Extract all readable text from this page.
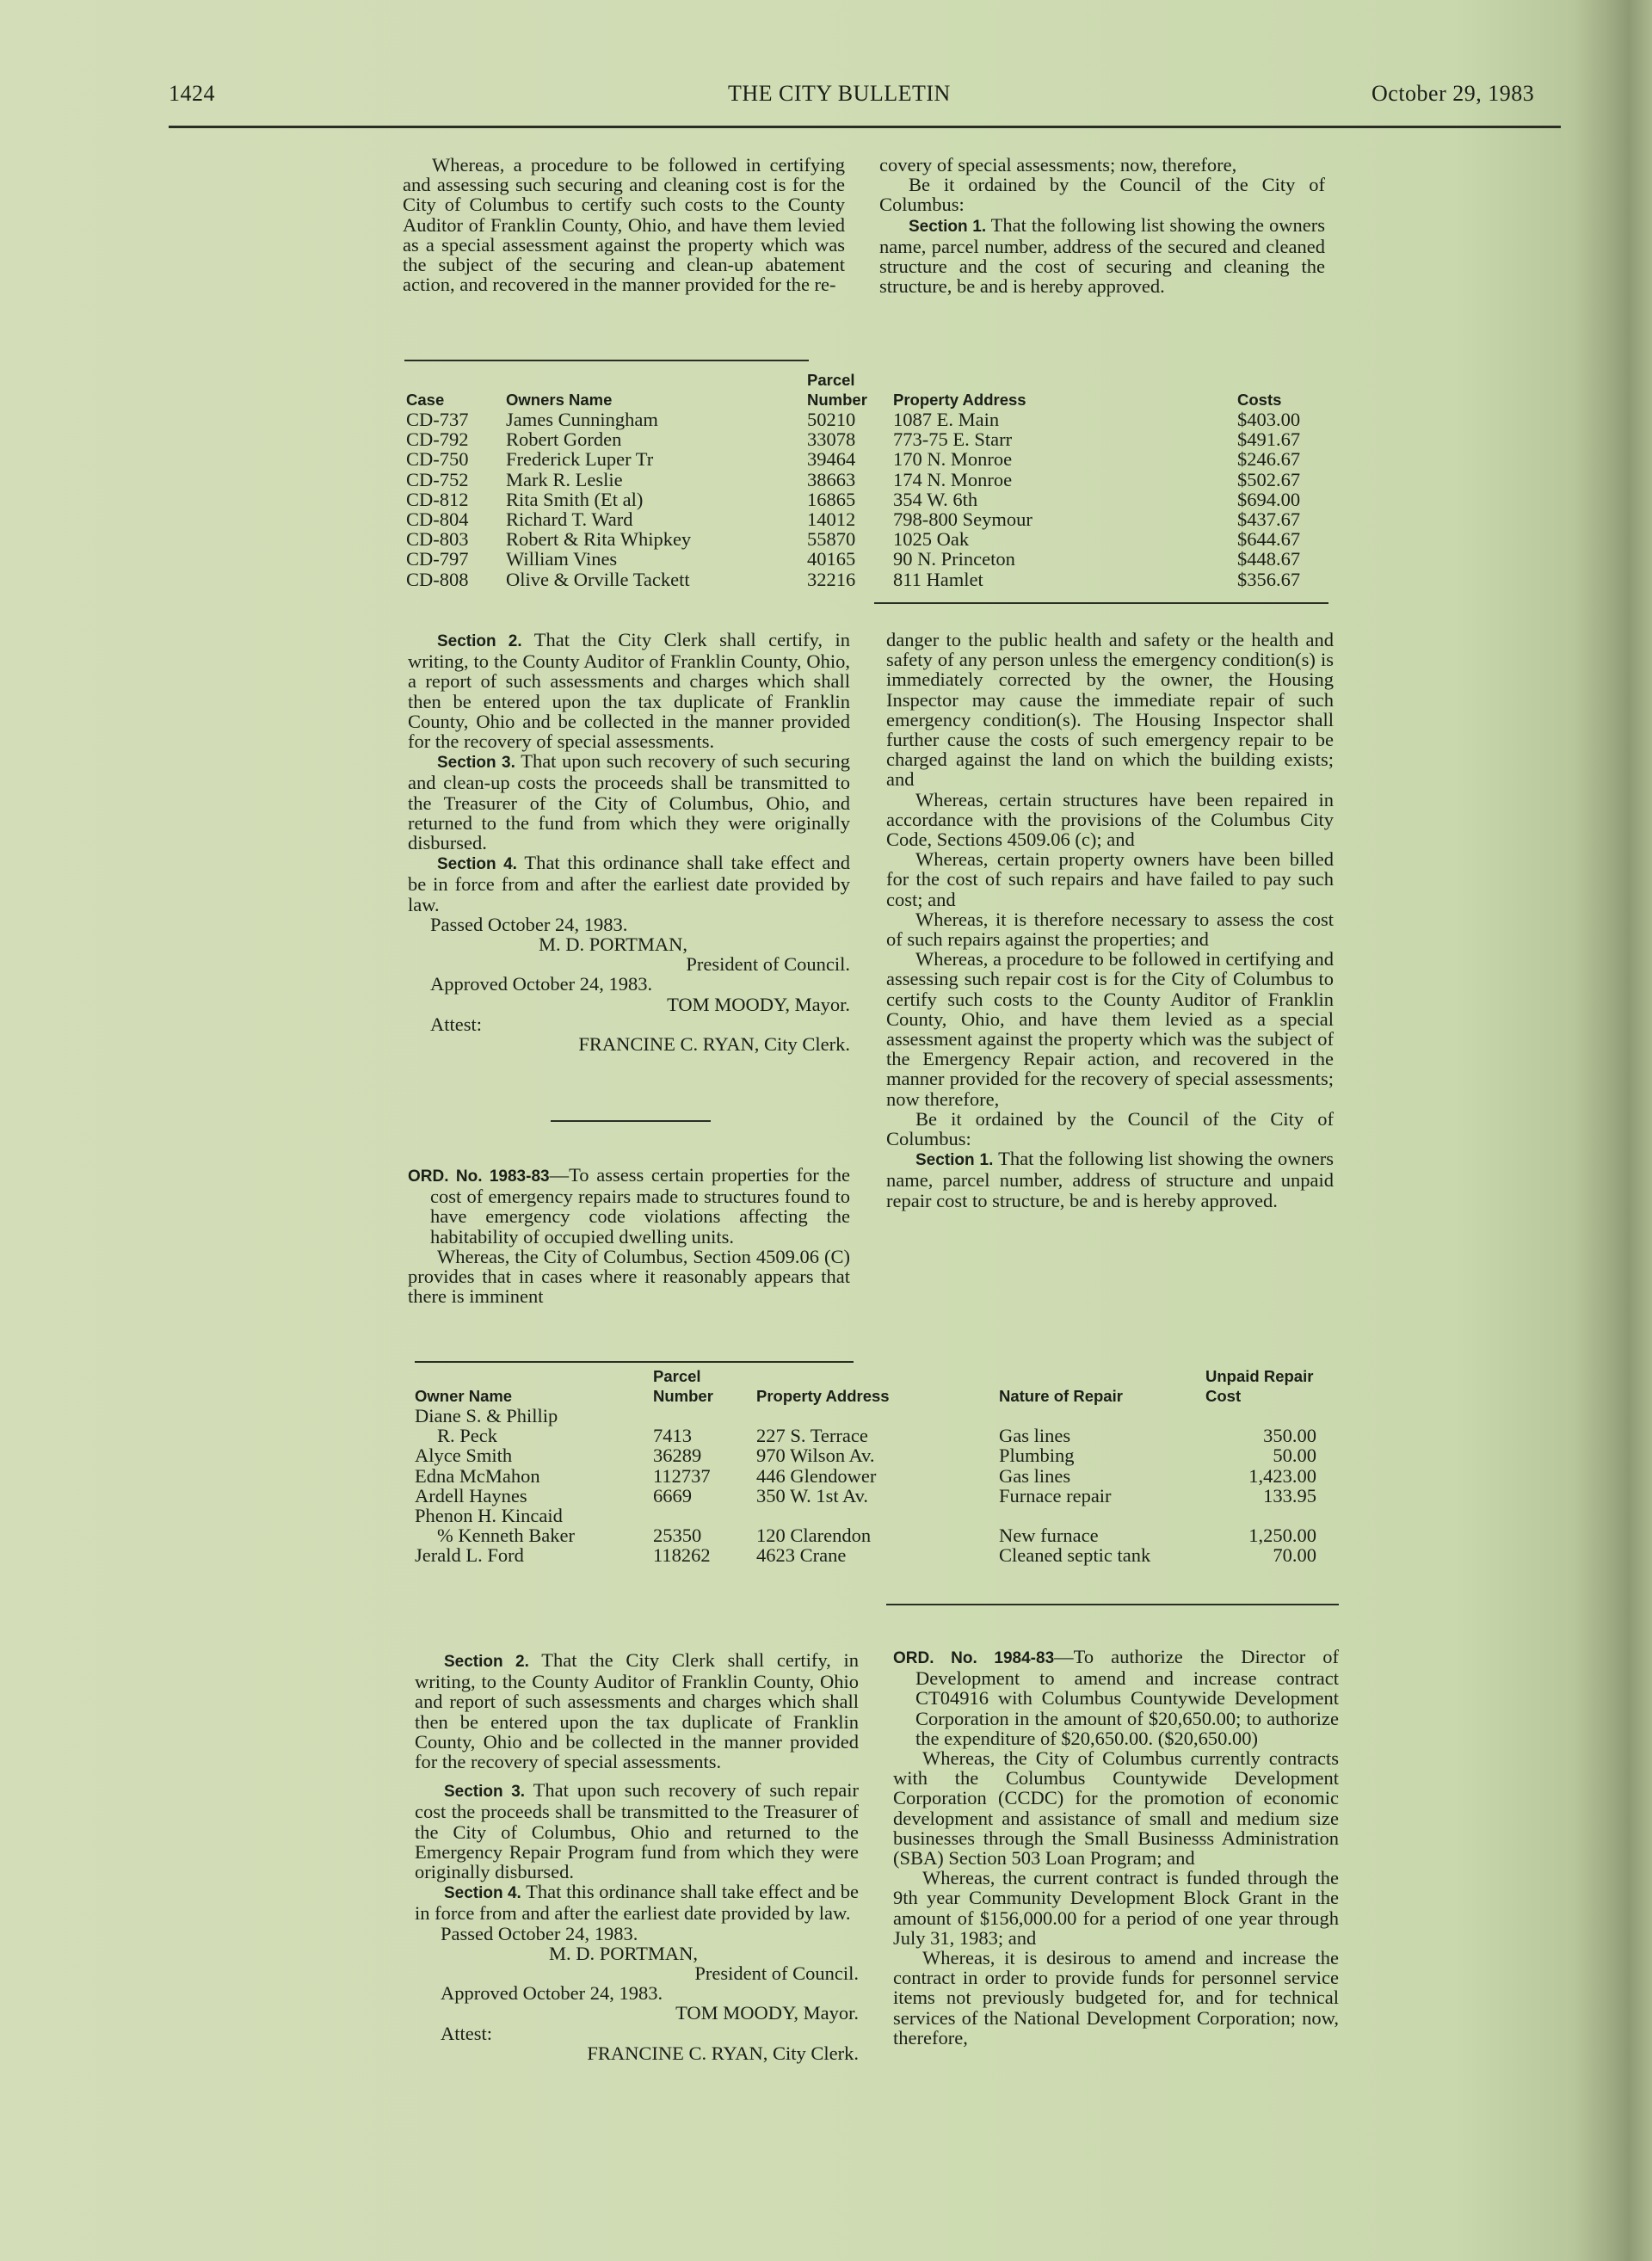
1424	THE CITY BULLETIN	October 29, 1983

Whereas, a procedure to be followed in certifying and assessing such securing and cleaning cost is for the City of Columbus to certify such costs to the County Auditor of Franklin County, Ohio, and have them levied as a special assessment against the property which was the subject of the securing and clean-up abatement action, and recovered in the manner provided for the re-

covery of special assessments; now, therefore,

Be it ordained by the Council of the City of Columbus:

Section 1. That the following list showing the owners name, parcel number, address of the secured and cleaned structure and the cost of securing and cleaning the structure, be and is hereby approved.

Case	Owners Name	Parcel Number	Property Address	Costs
CD-737	James Cunningham	50210	1087 E. Main	$403.00
CD-792	Robert Gorden	33078	773-75 E. Starr	$491.67
CD-750	Frederick Luper Tr	39464	170 N. Monroe	$246.67
CD-752	Mark R. Leslie	38663	174 N. Monroe	$502.67
CD-812	Rita Smith (Et al)	16865	354 W. 6th	$694.00
CD-804	Richard T. Ward	14012	798-800 Seymour	$437.67
CD-803	Robert & Rita Whipkey	55870	1025 Oak	$644.67
CD-797	William Vines	40165	90 N. Princeton	$448.67
CD-808	Olive & Orville Tackett	32216	811 Hamlet	$356.67

Section 2. That the City Clerk shall certify, in writing, to the County Auditor of Franklin County, Ohio, a report of such assessments and charges which shall then be entered upon the tax duplicate of Franklin County, Ohio and be collected in the manner provided for the recovery of special assessments.

Section 3. That upon such recovery of such securing and clean-up costs the proceeds shall be transmitted to the Treasurer of the City of Columbus, Ohio, and returned to the fund from which they were originally disbursed.

Section 4. That this ordinance shall take effect and be in force from and after the earliest date provided by law.

Passed October 24, 1983.

M. D. PORTMAN,

President of Council.

Approved October 24, 1983.

TOM MOODY, Mayor.

Attest:

FRANCINE C. RYAN, City Clerk.

ORD. No. 1983-83—To assess certain properties for the cost of emergency repairs made to structures found to have emergency code violations affecting the habitability of occupied dwelling units.

Whereas, the City of Columbus, Section 4509.06 (C) provides that in cases where it reasonably appears that there is imminent

danger to the public health and safety or the health and safety of any person unless the emergency condition(s) is immediately corrected by the owner, the Housing Inspector may cause the immediate repair of such emergency condition(s). The Housing Inspector shall further cause the costs of such emergency repair to be charged against the land on which the building exists; and

Whereas, certain structures have been repaired in accordance with the provisions of the Columbus City Code, Sections 4509.06 (c); and

Whereas, certain property owners have been billed for the cost of such repairs and have failed to pay such cost; and

Whereas, it is therefore necessary to assess the cost of such repairs against the properties; and

Whereas, a procedure to be followed in certifying and assessing such repair cost is for the City of Columbus to certify such costs to the County Auditor of Franklin County, Ohio, and have them levied as a special assessment against the property which was the subject of the Emergency Repair action, and recovered in the manner provided for the recovery of special assessments; now therefore,

Be it ordained by the Council of the City of Columbus:

Section 1. That the following list showing the owners name, parcel number, address of structure and unpaid repair cost to structure, be and is hereby approved.

Owner Name	Parcel Number	Property Address	Nature of Repair	Unpaid Repair Cost
Diane S. & Phillip				
R. Peck	7413	227 S. Terrace	Gas lines	350.00
Alyce Smith	36289	970 Wilson Av.	Plumbing	50.00
Edna McMahon	112737	446 Glendower	Gas lines	1,423.00
Ardell Haynes	6669	350 W. 1st Av.	Furnace repair	133.95
Phenon H. Kincaid				
% Kenneth Baker	25350	120 Clarendon	New furnace	1,250.00
Jerald L. Ford	118262	4623 Crane	Cleaned septic tank	70.00

Section 2. That the City Clerk shall certify, in writing, to the County Auditor of Franklin County, Ohio and report of such assessments and charges which shall then be entered upon the tax duplicate of Franklin County, Ohio and be collected in the manner provided for the recovery of special assessments.

Section 3. That upon such recovery of such repair cost the proceeds shall be transmitted to the Treasurer of the City of Columbus, Ohio and returned to the Emergency Repair Program fund from which they were originally disbursed.

Section 4. That this ordinance shall take effect and be in force from and after the earliest date provided by law.

Passed October 24, 1983.

M. D. PORTMAN,

President of Council.

Approved October 24, 1983.

TOM MOODY, Mayor.

Attest:

FRANCINE C. RYAN, City Clerk.

ORD. No. 1984-83—To authorize the Director of Development to amend and increase contract CT04916 with Columbus Countywide Development Corporation in the amount of $20,650.00; to authorize the expenditure of $20,650.00. ($20,650.00)

Whereas, the City of Columbus currently contracts with the Columbus Countywide Development Corporation (CCDC) for the promotion of economic development and assistance of small and medium size businesses through the Small Businesss Administration (SBA) Section 503 Loan Program; and

Whereas, the current contract is funded through the 9th year Community Development Block Grant in the amount of $156,000.00 for a period of one year through July 31, 1983; and

Whereas, it is desirous to amend and increase the contract in order to provide funds for personnel service items not previously budgeted for, and for technical services of the National Development Corporation; now, therefore,
